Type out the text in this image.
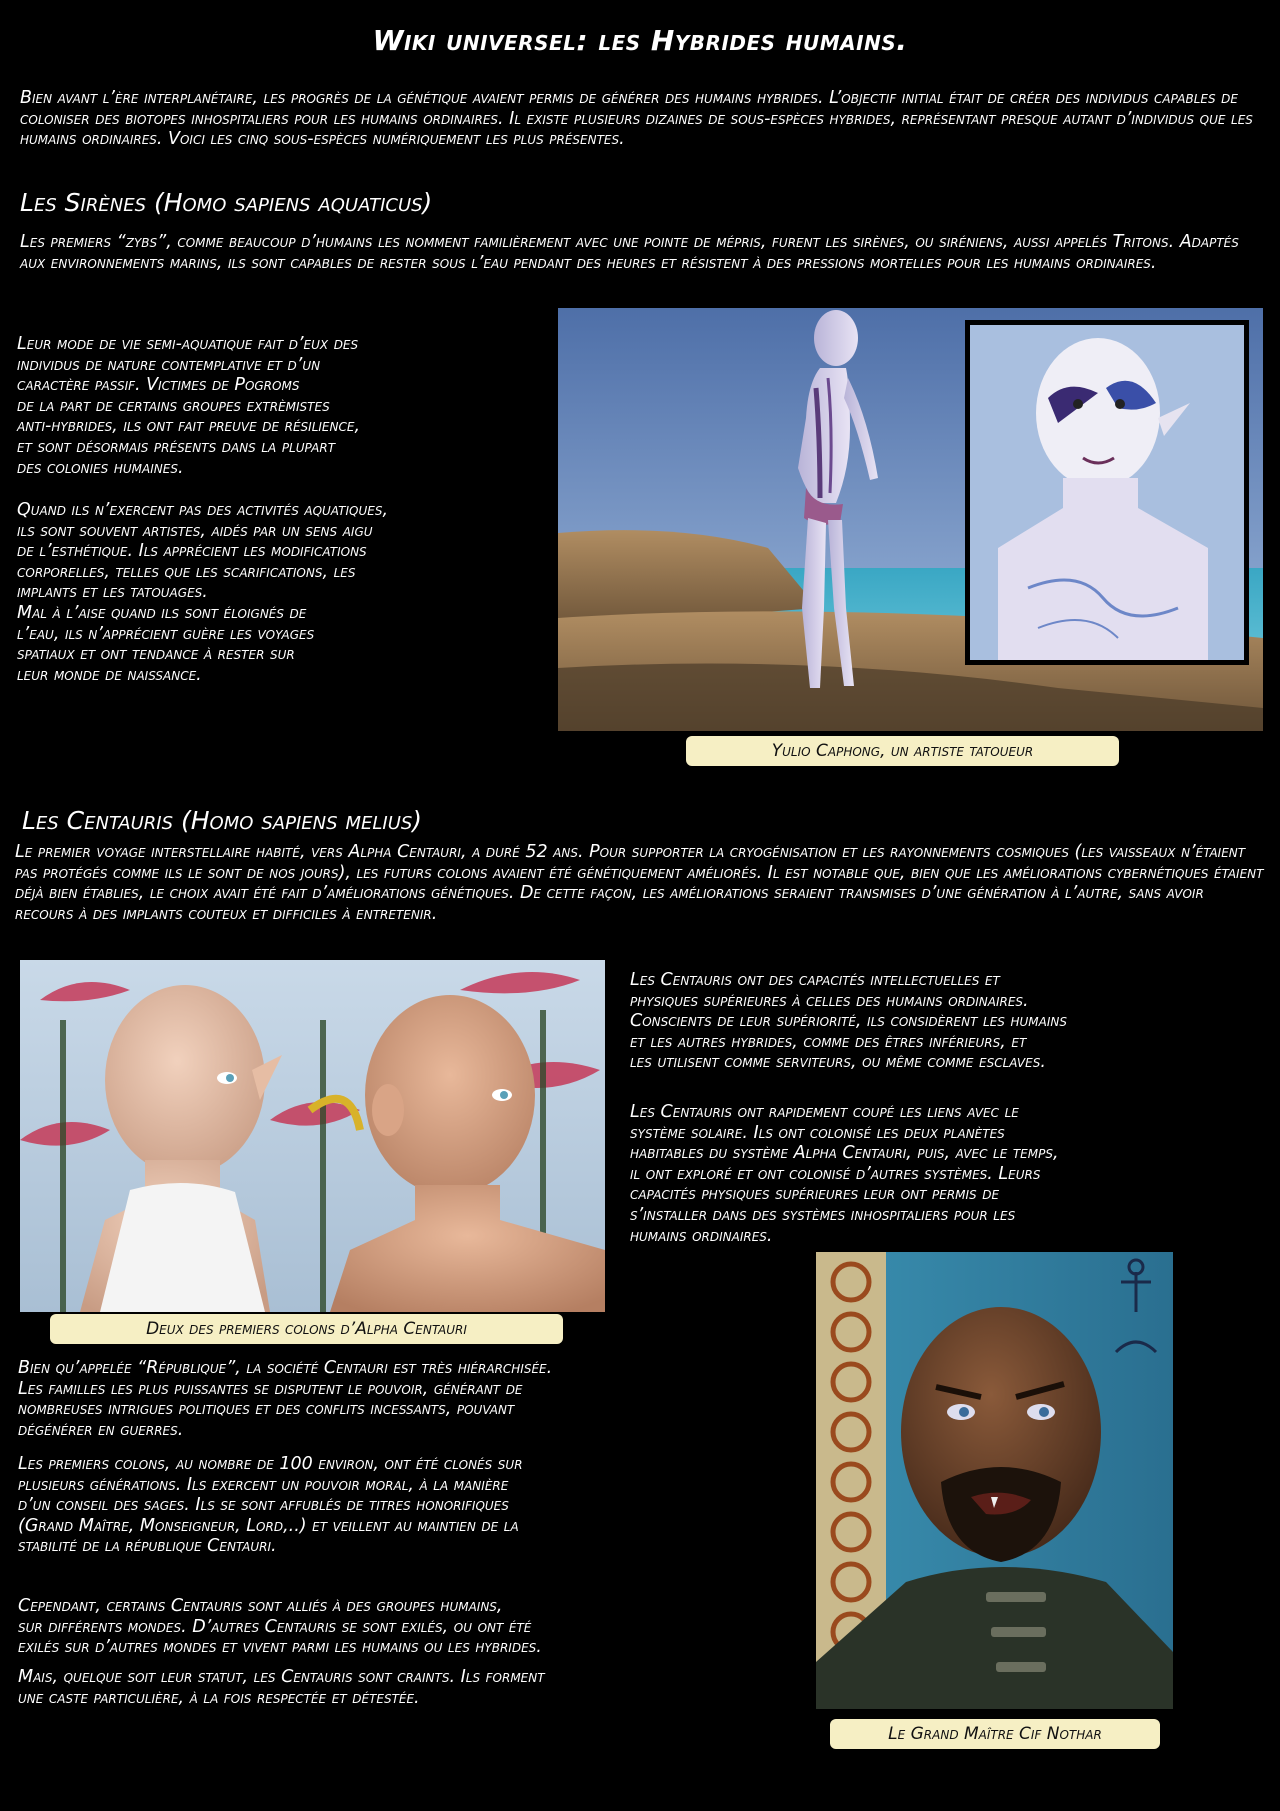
Wiki universel: les Hybrides humains.

Bien avant l’ère interplanétaire, les progrès de la génétique avaient permis de générer des humains hybrides. L’objectif initial était de créer des individus capables de coloniser des biotopes inhospitaliers pour les humains ordinaires. Il existe plusieurs dizaines de sous-espèces hybrides, représentant presque autant d’individus que les humains ordinaires. Voici les cinq sous-espèces numériquement les plus présentes.

Les Sirènes (Homo sapiens aquaticus)

Les premiers “zybs”, comme beaucoup d’humains les nomment familièrement avec une pointe de mépris, furent les sirènes, ou siréniens, aussi appelés Tritons. Adaptés aux environnements marins, ils sont capables de rester sous l’eau pendant des heures et résistent à des pressions mortelles pour les humains ordinaires.

Leur mode de vie semi-aquatique fait d’eux des
individus de nature contemplative et d’un
caractère passif. Victimes de Pogroms
de la part de certains groupes extrèmistes
anti-hybrides, ils ont fait preuve de résilience,
et sont désormais présents dans la plupart
des colonies humaines.

Quand ils n’exercent pas des activités aquatiques,
ils sont souvent artistes, aidés par un sens aigu
de l’esthétique. Ils apprécient les modifications
corporelles, telles que les scarifications, les
implants et les tatouages.
Mal à l’aise quand ils sont éloignés de
l’eau, ils n’apprécient guère les voyages
spatiaux et ont tendance à rester sur
leur monde de naissance.

Yulio Caphong, un artiste tatoueur
Les Centauris (Homo sapiens melius)

Le premier voyage interstellaire habité, vers Alpha Centauri, a duré 52 ans. Pour supporter la cryogénisation et les rayonnements cosmiques (les vaisseaux n’étaient pas protégés comme ils le sont de nos jours), les futurs colons avaient été génétiquement améliorés. Il est notable que, bien que les améliorations cybernétiques étaient déjà bien établies, le choix avait été fait d’améliorations génétiques. De cette façon, les améliorations seraient transmises d’une génération à l’autre, sans avoir recours à des implants couteux et difficiles à entretenir.

Deux des premiers colons d’Alpha Centauri

Les Centauris ont des capacités intellectuelles et
physiques supérieures à celles des humains ordinaires.
Conscients de leur supériorité, ils considèrent les humains
et les autres hybrides, comme des êtres inférieurs, et
les utilisent comme serviteurs, ou même comme esclaves.

Les Centauris ont rapidement coupé les liens avec le
système solaire. Ils ont colonisé les deux planètes
habitables du système Alpha Centauri, puis, avec le temps,
il ont exploré et ont colonisé d’autres systèmes. Leurs
capacités physiques supérieures leur ont permis de
s’installer dans des systèmes inhospitaliers pour les
humains ordinaires.

Bien qu’appelée “République”, la société Centauri est très hiérarchisée.
Les familles les plus puissantes se disputent le pouvoir, générant de
nombreuses intrigues politiques et des conflits incessants, pouvant
dégénérer en guerres.

Les premiers colons, au nombre de 100 environ, ont été clonés sur
plusieurs générations. Ils exercent un pouvoir moral, à la manière
d’un conseil des sages. Ils se sont affublés de titres honorifiques
(Grand Maître, Monseigneur, Lord,..) et veillent au maintien de la
stabilité de la république Centauri.

Cependant, certains Centauris sont alliés à des groupes humains,
sur différents mondes. D’autres Centauris se sont exilés, ou ont été
exilés sur d’autres mondes et vivent parmi les humains ou les hybrides.

Mais, quelque soit leur statut, les Centauris sont craints. Ils forment
une caste particulière, à la fois respectée et détestée.

Le Grand Maître Cif Nothar
